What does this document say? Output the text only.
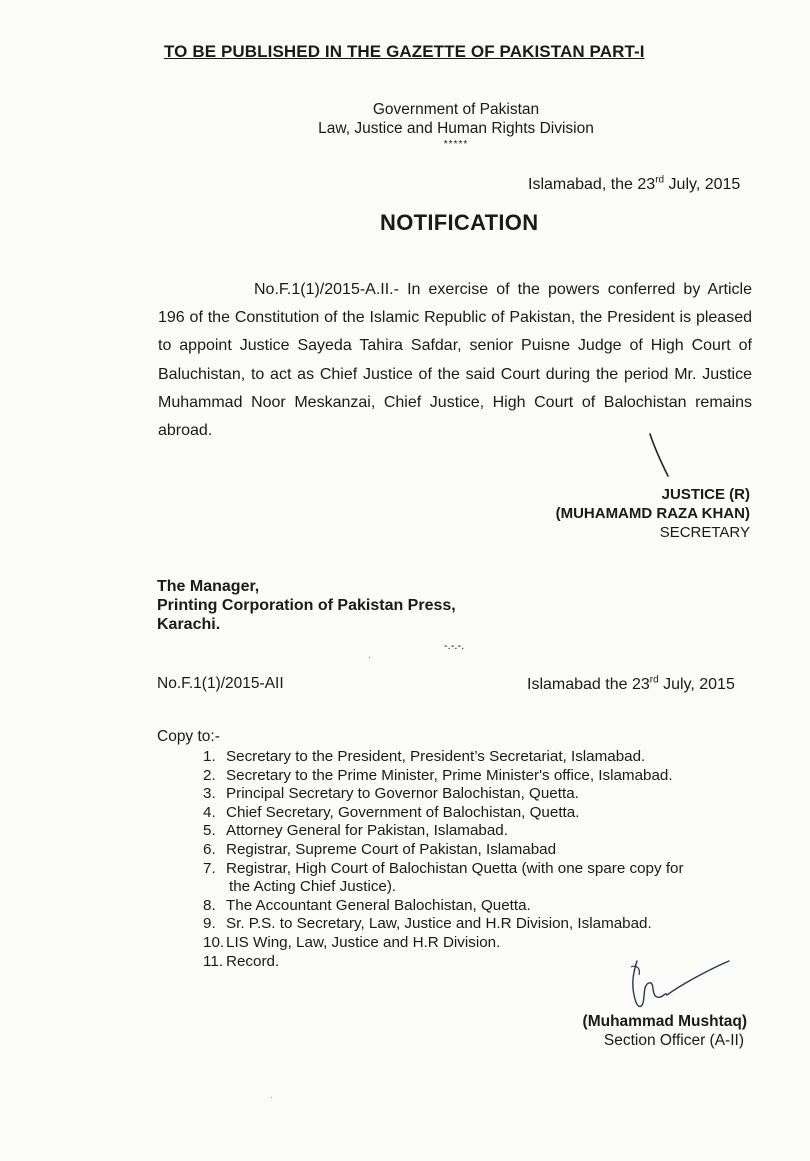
TO BE PUBLISHED IN THE GAZETTE OF PAKISTAN PART-I
Government of Pakistan
Law, Justice and Human Rights Division
*****
Islamabad, the 23rd July, 2015
NOTIFICATION
No.F.1(1)/2015-A.II.- In exercise of the powers conferred by Article 196 of the Constitution of the Islamic Republic of Pakistan, the President is pleased to appoint Justice Sayeda Tahira Safdar, senior Puisne Judge of High Court of Baluchistan, to act as Chief Justice of the said Court during the period Mr. Justice Muhammad Noor Meskanzai, Chief Justice, High Court of Balochistan remains abroad.
JUSTICE (R)
(MUHAMAMD RAZA KHAN)
SECRETARY
The Manager,
Printing Corporation of Pakistan Press,
Karachi.
-.-.-.
.
No.F.1(1)/2015-AII	Islamabad the 23rd July, 2015
Copy to:-
1. Secretary to the President, President’s Secretariat, Islamabad.
2. Secretary to the Prime Minister, Prime Minister's office, Islamabad.
3. Principal Secretary to Governor Balochistan, Quetta.
4. Chief Secretary, Government of Balochistan, Quetta.
5. Attorney General for Pakistan, Islamabad.
6. Registrar, Supreme Court of Pakistan, Islamabad
7. Registrar, High Court of Balochistan Quetta (with one spare copy for
the Acting Chief Justice).
8. The Accountant General Balochistan, Quetta.
9. Sr. P.S. to Secretary, Law, Justice and H.R Division, Islamabad.
10. LIS Wing, Law, Justice and H.R Division.
11. Record.
(Muhammad Mushtaq)
Section Officer (A-II)
.
